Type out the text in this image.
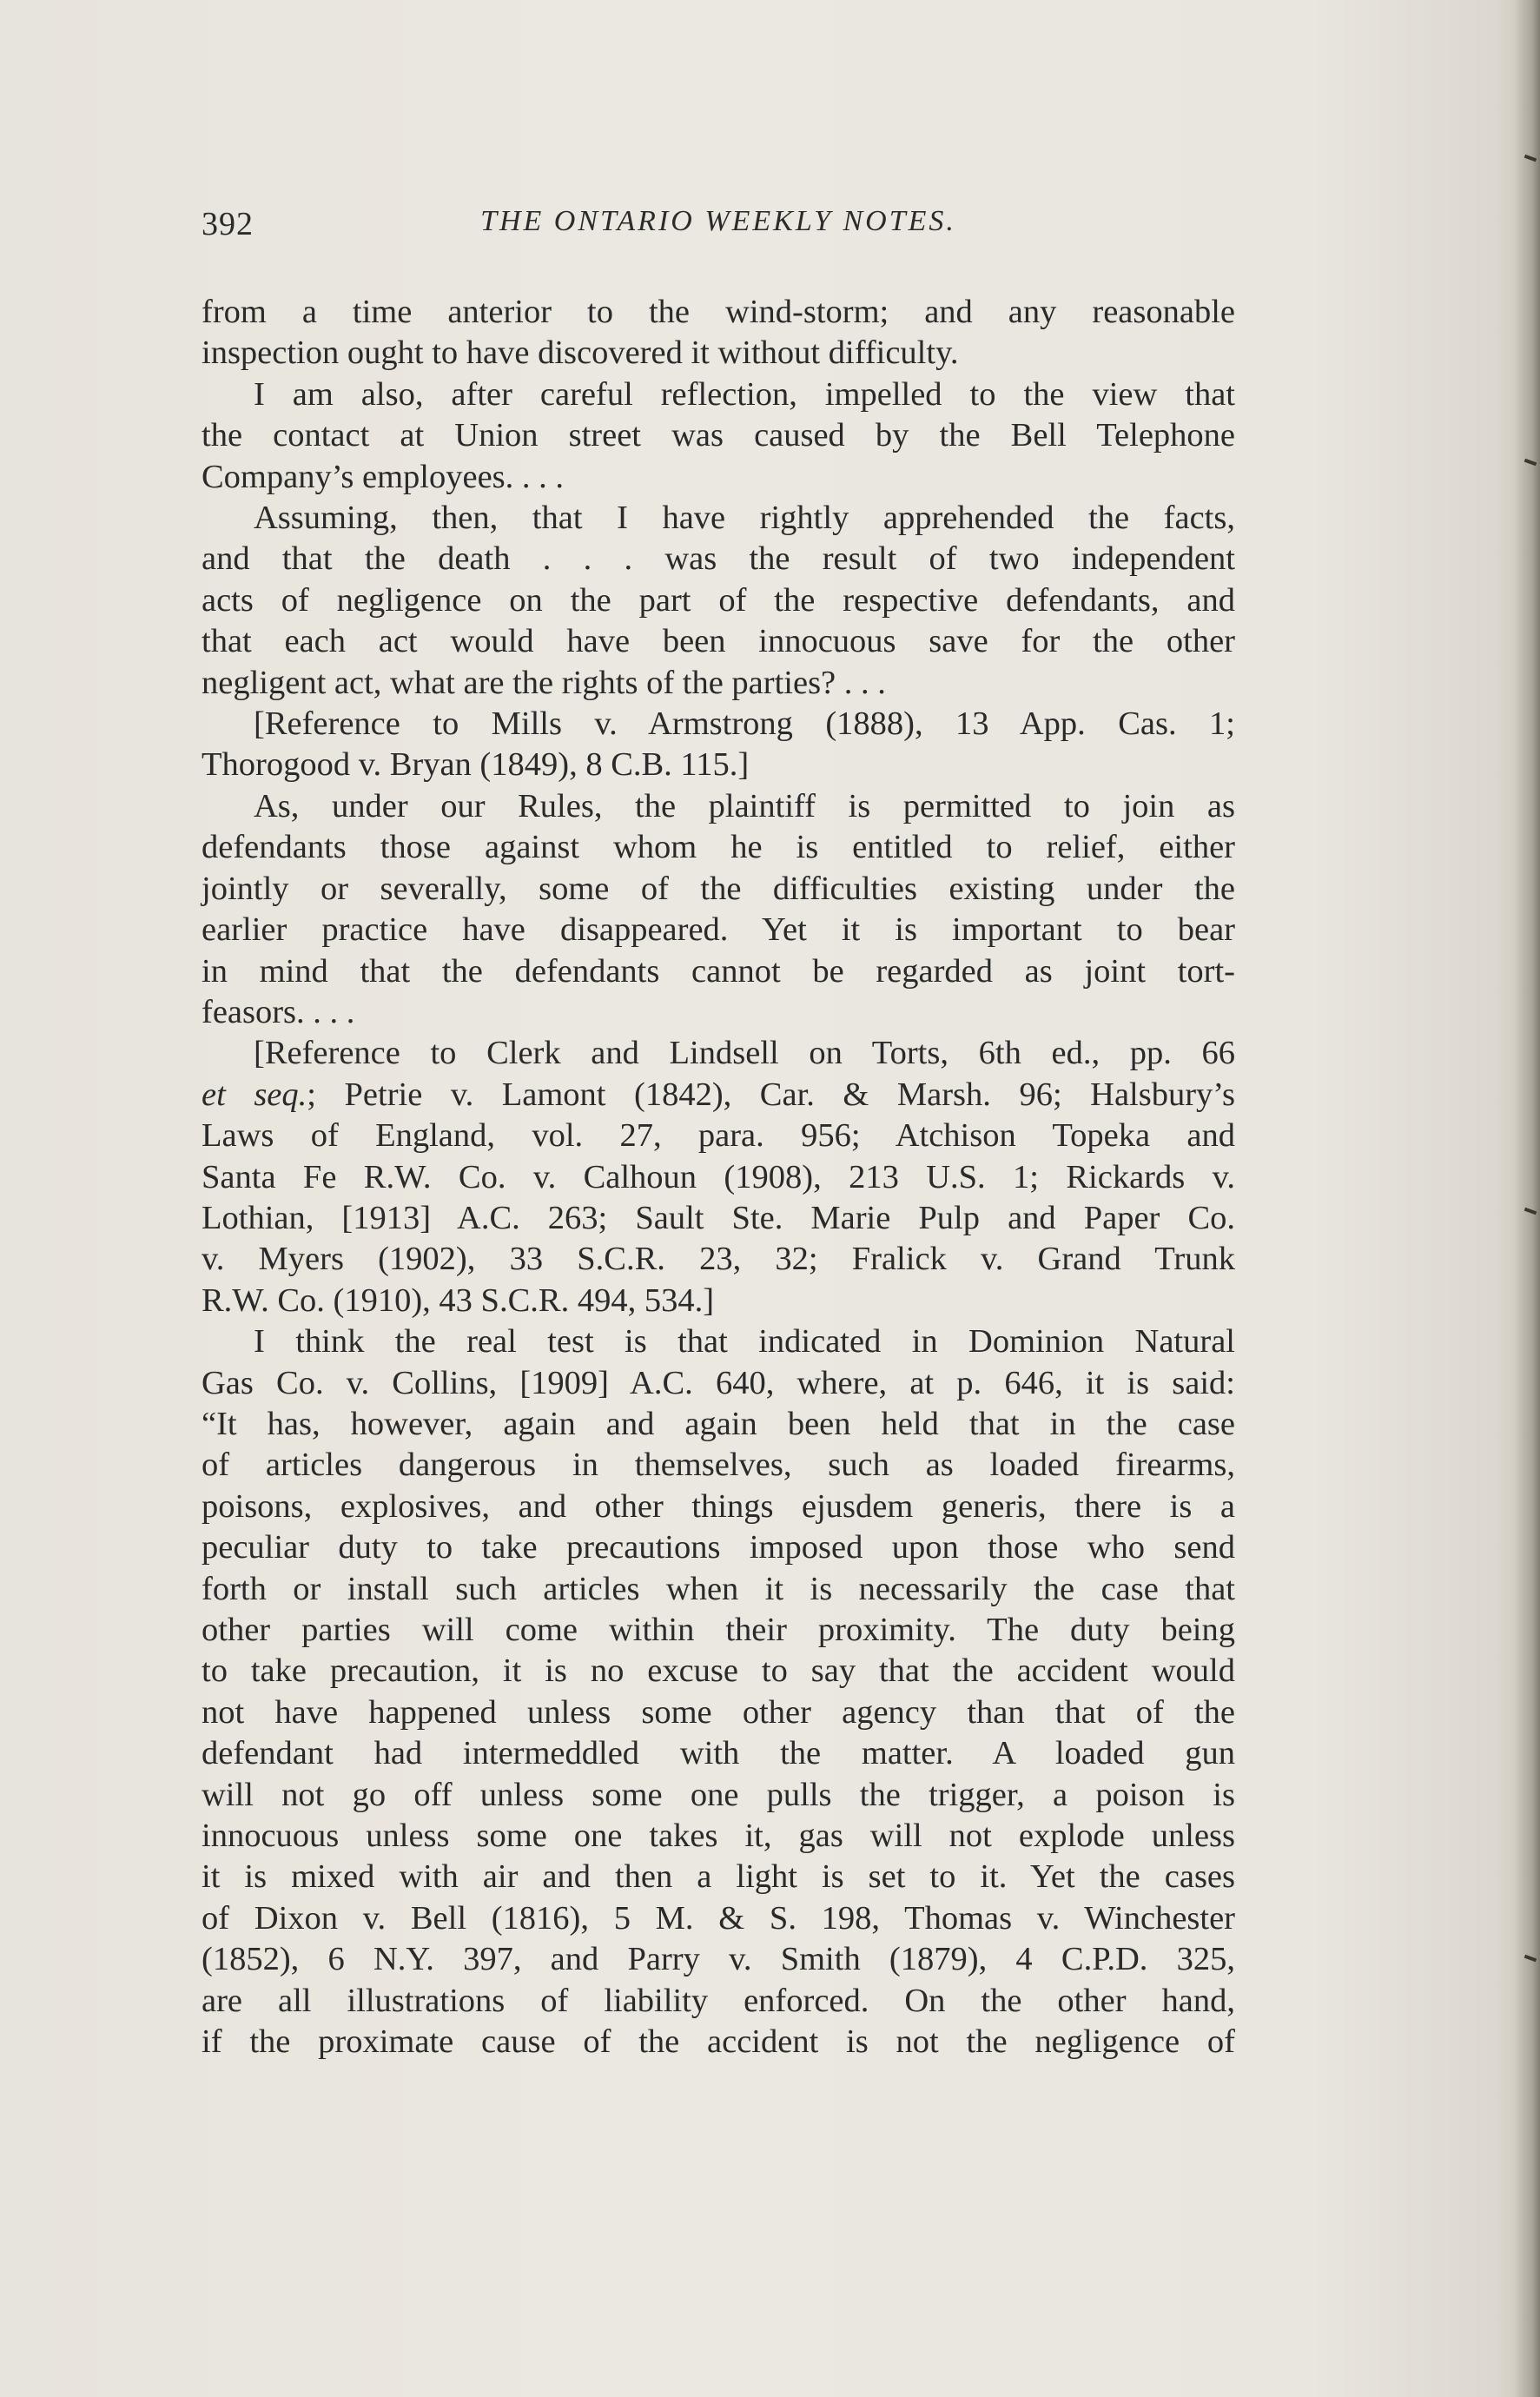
392	THE ONTARIO WEEKLY NOTES.
from a time anterior to the wind-storm; and any reasonable
inspection ought to have discovered it without difficulty.
I am also, after careful reflection, impelled to the view that
the contact at Union street was caused by the Bell Telephone
Company’s employees. . . .
Assuming, then, that I have rightly apprehended the facts,
and that the death . . . was the result of two independent
acts of negligence on the part of the respective defendants, and
that each act would have been innocuous save for the other
negligent act, what are the rights of the parties? . . .
[Reference to Mills v. Armstrong (1888), 13 App. Cas. 1;
Thorogood v. Bryan (1849), 8 C.B. 115.]
As, under our Rules, the plaintiff is permitted to join as
defendants those against whom he is entitled to relief, either
jointly or severally, some of the difficulties existing under the
earlier practice have disappeared. Yet it is important to bear
in mind that the defendants cannot be regarded as joint tort-
feasors. . . .
[Reference to Clerk and Lindsell on Torts, 6th ed., pp. 66
et seq.; Petrie v. Lamont (1842), Car. & Marsh. 96; Halsbury’s
Laws of England, vol. 27, para. 956; Atchison Topeka and
Santa Fe R.W. Co. v. Calhoun (1908), 213 U.S. 1; Rickards v.
Lothian, [1913] A.C. 263; Sault Ste. Marie Pulp and Paper Co.
v. Myers (1902), 33 S.C.R. 23, 32; Fralick v. Grand Trunk
R.W. Co. (1910), 43 S.C.R. 494, 534.]
I think the real test is that indicated in Dominion Natural
Gas Co. v. Collins, [1909] A.C. 640, where, at p. 646, it is said:
“It has, however, again and again been held that in the case
of articles dangerous in themselves, such as loaded firearms,
poisons, explosives, and other things ejusdem generis, there is a
peculiar duty to take precautions imposed upon those who send
forth or install such articles when it is necessarily the case that
other parties will come within their proximity. The duty being
to take precaution, it is no excuse to say that the accident would
not have happened unless some other agency than that of the
defendant had intermeddled with the matter. A loaded gun
will not go off unless some one pulls the trigger, a poison is
innocuous unless some one takes it, gas will not explode unless
it is mixed with air and then a light is set to it. Yet the cases
of Dixon v. Bell (1816), 5 M. & S. 198, Thomas v. Winchester
(1852), 6 N.Y. 397, and Parry v. Smith (1879), 4 C.P.D. 325,
are all illustrations of liability enforced. On the other hand,
if the proximate cause of the accident is not the negligence of
